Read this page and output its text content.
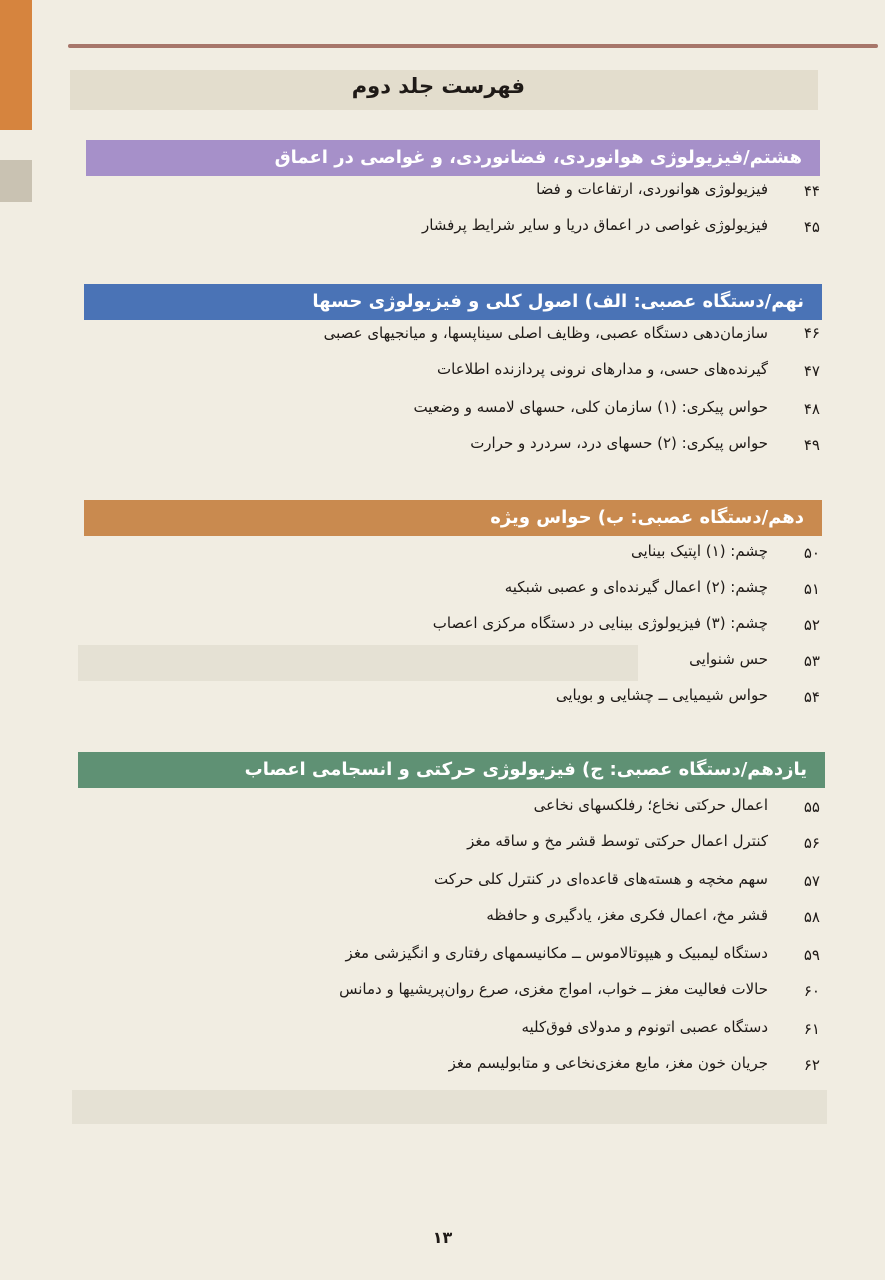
فهرست جلد دوم
هشتم/فیزیولوژی هوانوردی، فضانوردی، و غواصی در اعماق
۴۴
فیزیولوژی هوانوردی، ارتفاعات و فضا
۴۵
فیزیولوژی غواصی در اعماق دریا و سایر شرایط پرفشار
نهم/دستگاه عصبی: الف) اصول کلی و فیزیولوژی حسها
۴۶
سازمان‌دهی دستگاه عصبی، وظایف اصلی سیناپسها، و میانجیهای عصبی
۴۷
گیرنده‌های حسی، و مدارهای نرونی پردازنده اطلاعات
۴۸
حواس پیکری: (۱) سازمان کلی، حسهای لامسه و وضعیت
۴۹
حواس پیکری: (۲) حسهای درد، سردرد و حرارت
دهم/دستگاه عصبی: ب) حواس ویژه
۵۰
چشم: (۱) اپتیک بینایی
۵۱
چشم: (۲) اعمال گیرنده‌ای و عصبی شبکیه
۵۲
چشم: (۳) فیزیولوژی بینایی در دستگاه مرکزی اعصاب
۵۳
حس شنوایی
۵۴
حواس شیمیایی ــ چشایی و بویایی
یازدهم/دستگاه عصبی: ج) فیزیولوژی حرکتی و انسجامی اعصاب
۵۵
اعمال حرکتی نخاع؛ رفلکسهای نخاعی
۵۶
کنترل اعمال حرکتی توسط قشر مخ و ساقه مغز
۵۷
سهم مخچه و هسته‌های قاعده‌ای در کنترل کلی حرکت
۵۸
قشر مخ، اعمال فکری مغز، یادگیری و حافظه
۵۹
دستگاه لیمبیک و هیپوتالاموس ــ مکانیسمهای رفتاری و انگیزشی مغز
۶۰
حالات فعالیت مغز ــ خواب، امواج مغزی، صرع روان‌پریشیها و دمانس
۶۱
دستگاه عصبی اتونوم و مدولای فوق‌کلیه
۶۲
جریان خون مغز، مایع مغزی‌نخاعی و متابولیسم مغز
۱۳
